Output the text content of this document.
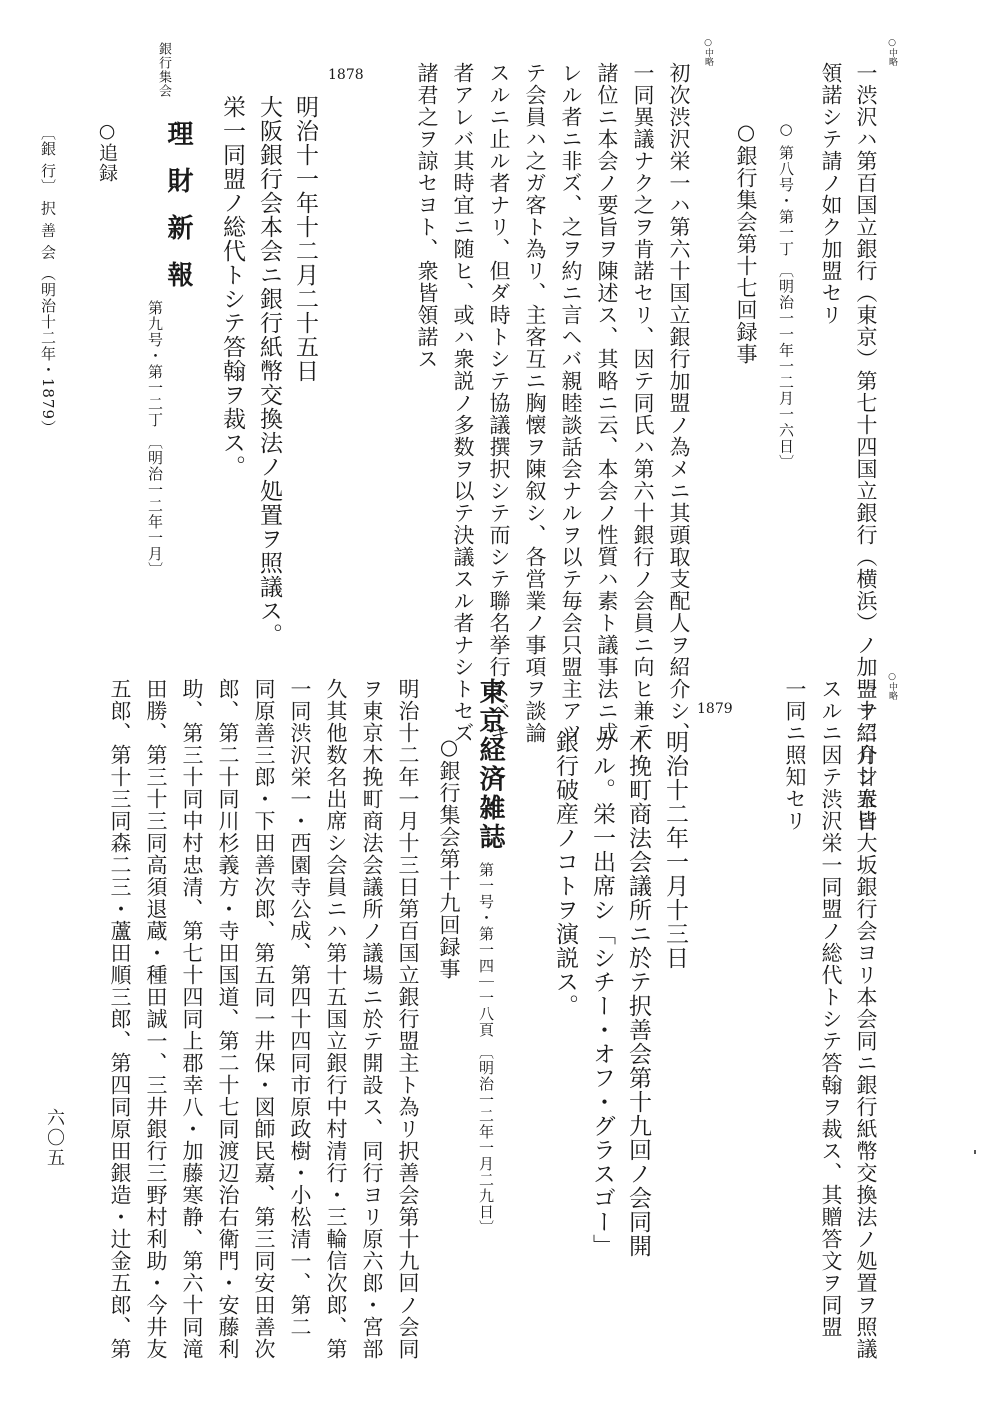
○中略
一渋沢ハ第百国立銀行（東京）第七十四国立銀行（横浜）ノ加盟ヲ紹介シ衆皆
領諾シテ請ノ如ク加盟セリ
○ 第八号・第一丁 〔明治一一年一二月一六日〕
○銀行集会第十七回録事
○中略
初次渋沢栄一ハ第六十国立銀行加盟ノ為メニ其頭取支配人ヲ紹介シ、
一同異議ナク之ヲ肯諾セリ、因テ同氏ハ第六十銀行ノ会員ニ向ヒ兼テ
諸位ニ本会ノ要旨ヲ陳述ス、其略ニ云、本会ノ性質ハ素ト議事法ニ成
レル者ニ非ズ、之ヲ約ニ言ヘバ親睦談話会ナルヲ以テ毎会只盟主アツ
テ会員ハ之ガ客ト為リ、主客互ニ胸懐ヲ陳叙シ、各営業ノ事項ヲ談論
スルニ止ル者ナリ、但ダ時トシテ協議撰択シテ而シテ聯名挙行スベキ
者アレバ其時宜ニ随ヒ、或ハ衆説ノ多数ヲ以テ決議スル者ナシトセズ
諸君之ヲ諒セヨト、衆皆領諾ス
1878
明治十一年十二月二十五日
大阪銀行会本会ニ銀行紙幣交換法ノ処置ヲ照議ス。
栄一同盟ノ総代トシテ答翰ヲ裁ス。
銀行集会
理 財 新 報
第九号・第一二丁 〔明治一二年一月〕
○追録
〔銀 行〕 択 善 会 （明治十二年・1879）
○中略
一十二月廿五日大坂銀行会ヨリ本会同ニ銀行紙幣交換法ノ処置ヲ照議
スルニ因テ渋沢栄一同盟ノ総代トシテ答翰ヲ裁ス、其贈答文ヲ同盟
一同ニ照知セリ
1879
明治十二年一月十三日
木挽町商法会議所ニ於テ択善会第十九回ノ会同開
カル。栄一出席シ「シチー・オフ・グラスゴー」
銀行破産ノコトヲ演説ス。
東京経済雑誌
第一号・第一四｜一八頁 〔明治一二年一月二九日〕
○銀行集会第十九回録事
明治十二年一月十三日第百国立銀行盟主ト為リ択善会第十九回ノ会同
ヲ東京木挽町商法会議所ノ議場ニ於テ開設ス、同行ヨリ原六郎・宮部
久其他数名出席シ会員ニハ第十五国立銀行中村清行・三輪信次郎、第
一同渋沢栄一・西園寺公成、第四十四同市原政樹・小松清一、第二
同原善三郎・下田善次郎、第五同一井保・図師民嘉、第三同安田善次
郎、第二十同川杉義方・寺田国道、第二十七同渡辺治右衛門・安藤利
助、第三十同中村忠清、第七十四同上郡幸八・加藤寒静、第六十同滝
田勝、第三十三同高須退蔵・種田誠一、三井銀行三野村利助・今井友
五郎、第十三同森二三・蘆田順三郎、第四同原田銀造・辻金五郎、第
六〇五
